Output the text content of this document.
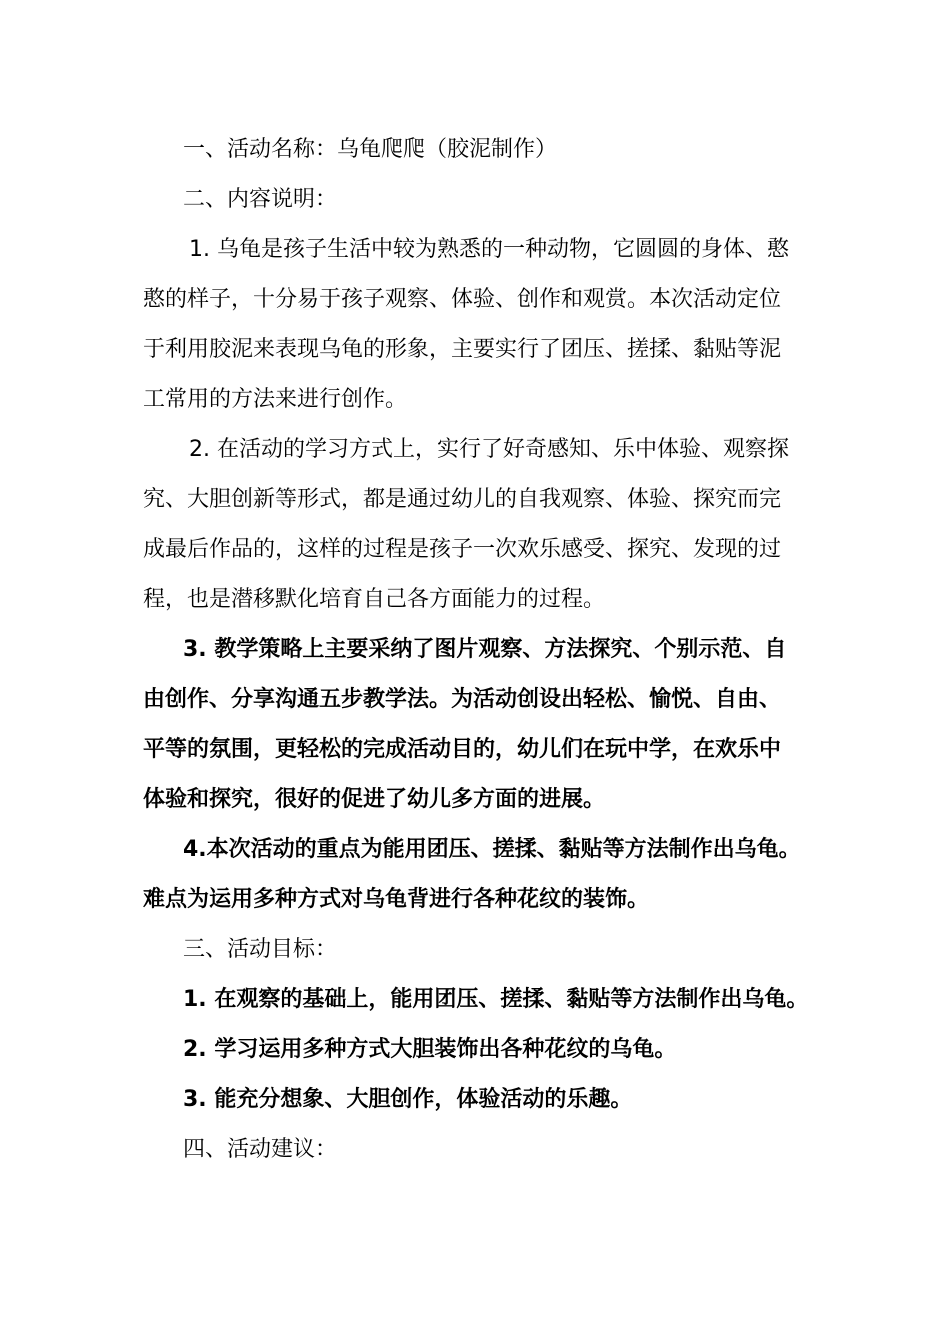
一、活动名称：乌龟爬爬（胶泥制作）
二、内容说明：
1. 乌龟是孩子生活中较为熟悉的一种动物，它圆圆的身体、憨
憨的样子，十分易于孩子观察、体验、创作和观赏。本次活动定位
于利用胶泥来表现乌龟的形象，主要实行了团压、搓揉、黏贴等泥
工常用的方法来进行创作。
2. 在活动的学习方式上，实行了好奇感知、乐中体验、观察探
究、大胆创新等形式，都是通过幼儿的自我观察、体验、探究而完
成最后作品的，这样的过程是孩子一次欢乐感受、探究、发现的过
程，也是潜移默化培育自己各方面能力的过程。
3. 教学策略上主要采纳了图片观察、方法探究、个别示范、自
由创作、分享沟通五步教学法。为活动创设出轻松、愉悦、自由、
平等的氛围，更轻松的完成活动目的，幼儿们在玩中学，在欢乐中
体验和探究，很好的促进了幼儿多方面的进展。
4.本次活动的重点为能用团压、搓揉、黏贴等方法制作出乌龟。
难点为运用多种方式对乌龟背进行各种花纹的装饰。
三、活动目标：
1. 在观察的基础上，能用团压、搓揉、黏贴等方法制作出乌龟。
2. 学习运用多种方式大胆装饰出各种花纹的乌龟。
3. 能充分想象、大胆创作，体验活动的乐趣。
四、活动建议：
